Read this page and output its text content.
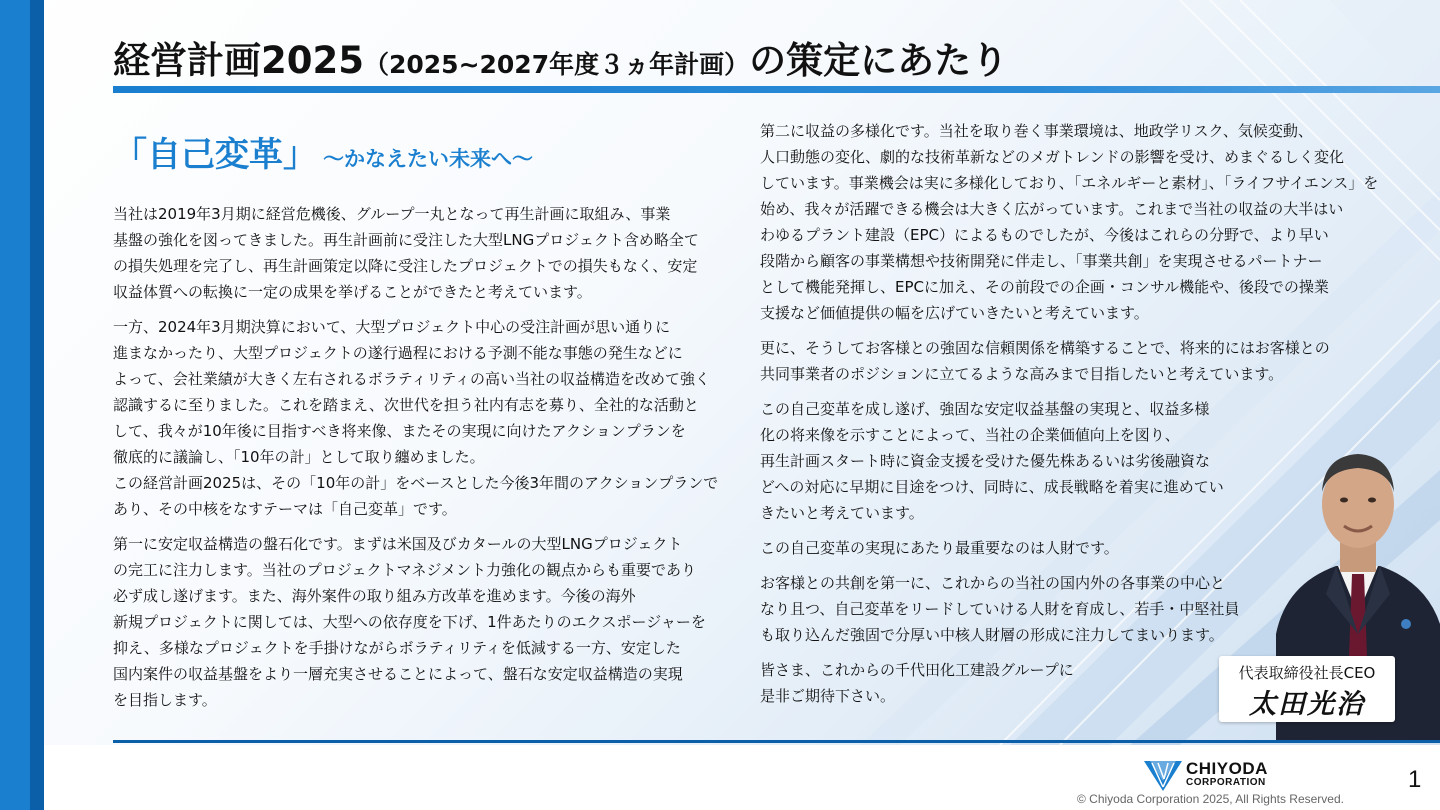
経営計画2025（2025~2027年度３ヵ年計画）の策定にあたり
「自己変革」 ～かなえたい未来へ～

当社は2019年3月期に経営危機後、グループ一丸となって再生計画に取組み、事業

基盤の強化を図ってきました。再生計画前に受注した大型LNGプロジェクト含め略全て

の損失処理を完了し、再生計画策定以降に受注したプロジェクトでの損失もなく、安定

収益体質への転換に一定の成果を挙げることができたと考えています。

一方、2024年3月期決算において、大型プロジェクト中心の受注計画が思い通りに

進まなかったり、大型プロジェクトの遂行過程における予測不能な事態の発生などに

よって、会社業績が大きく左右されるボラティリティの高い当社の収益構造を改めて強く

認識するに至りました。これを踏まえ、次世代を担う社内有志を募り、全社的な活動と

して、我々が10年後に目指すべき将来像、またその実現に向けたアクションプランを

徹底的に議論し、「10年の計」として取り纏めました。

この経営計画2025は、その「10年の計」をベースとした今後3年間のアクションプランで

あり、その中核をなすテーマは「自己変革」です。

第一に安定収益構造の盤石化です。まずは米国及びカタールの大型LNGプロジェクト

の完工に注力します。当社のプロジェクトマネジメント力強化の観点からも重要であり

必ず成し遂げます。また、海外案件の取り組み方改革を進めます。今後の海外

新規プロジェクトに関しては、大型への依存度を下げ、1件あたりのエクスポージャーを

抑え、多様なプロジェクトを手掛けながらボラティリティを低減する一方、安定した

国内案件の収益基盤をより一層充実させることによって、盤石な安定収益構造の実現

を目指します。

第二に収益の多様化です。当社を取り巻く事業環境は、地政学リスク、気候変動、

人口動態の変化、劇的な技術革新などのメガトレンドの影響を受け、めまぐるしく変化

しています。事業機会は実に多様化しており、「エネルギーと素材」、「ライフサイエンス」を

始め、我々が活躍できる機会は大きく広がっています。これまで当社の収益の大半はい

わゆるプラント建設（EPC）によるものでしたが、今後はこれらの分野で、より早い

段階から顧客の事業構想や技術開発に伴走し、「事業共創」を実現させるパートナー

として機能発揮し、EPCに加え、その前段での企画・コンサル機能や、後段での操業

支援など価値提供の幅を広げていきたいと考えています。

更に、そうしてお客様との強固な信頼関係を構築することで、将来的にはお客様との

共同事業者のポジションに立てるような高みまで目指したいと考えています。

この自己変革を成し遂げ、強固な安定収益基盤の実現と、収益多様

化の将来像を示すことによって、当社の企業価値向上を図り、

再生計画スタート時に資金支援を受けた優先株あるいは劣後融資な

どへの対応に早期に目途をつけ、同時に、成長戦略を着実に進めてい

きたいと考えています。

この自己変革の実現にあたり最重要なのは人財です。

お客様との共創を第一に、これからの当社の国内外の各事業の中心と

なり且つ、自己変革をリードしていける人財を育成し、若手・中堅社員

も取り込んだ強固で分厚い中核人財層の形成に注力してまいります。

皆さま、これからの千代田化工建設グループに

是非ご期待下さい。

代表取締役社長CEO
太田光治
CHIYODA
CORPORATION	1
© Chiyoda Corporation 2025, All Rights Reserved.
